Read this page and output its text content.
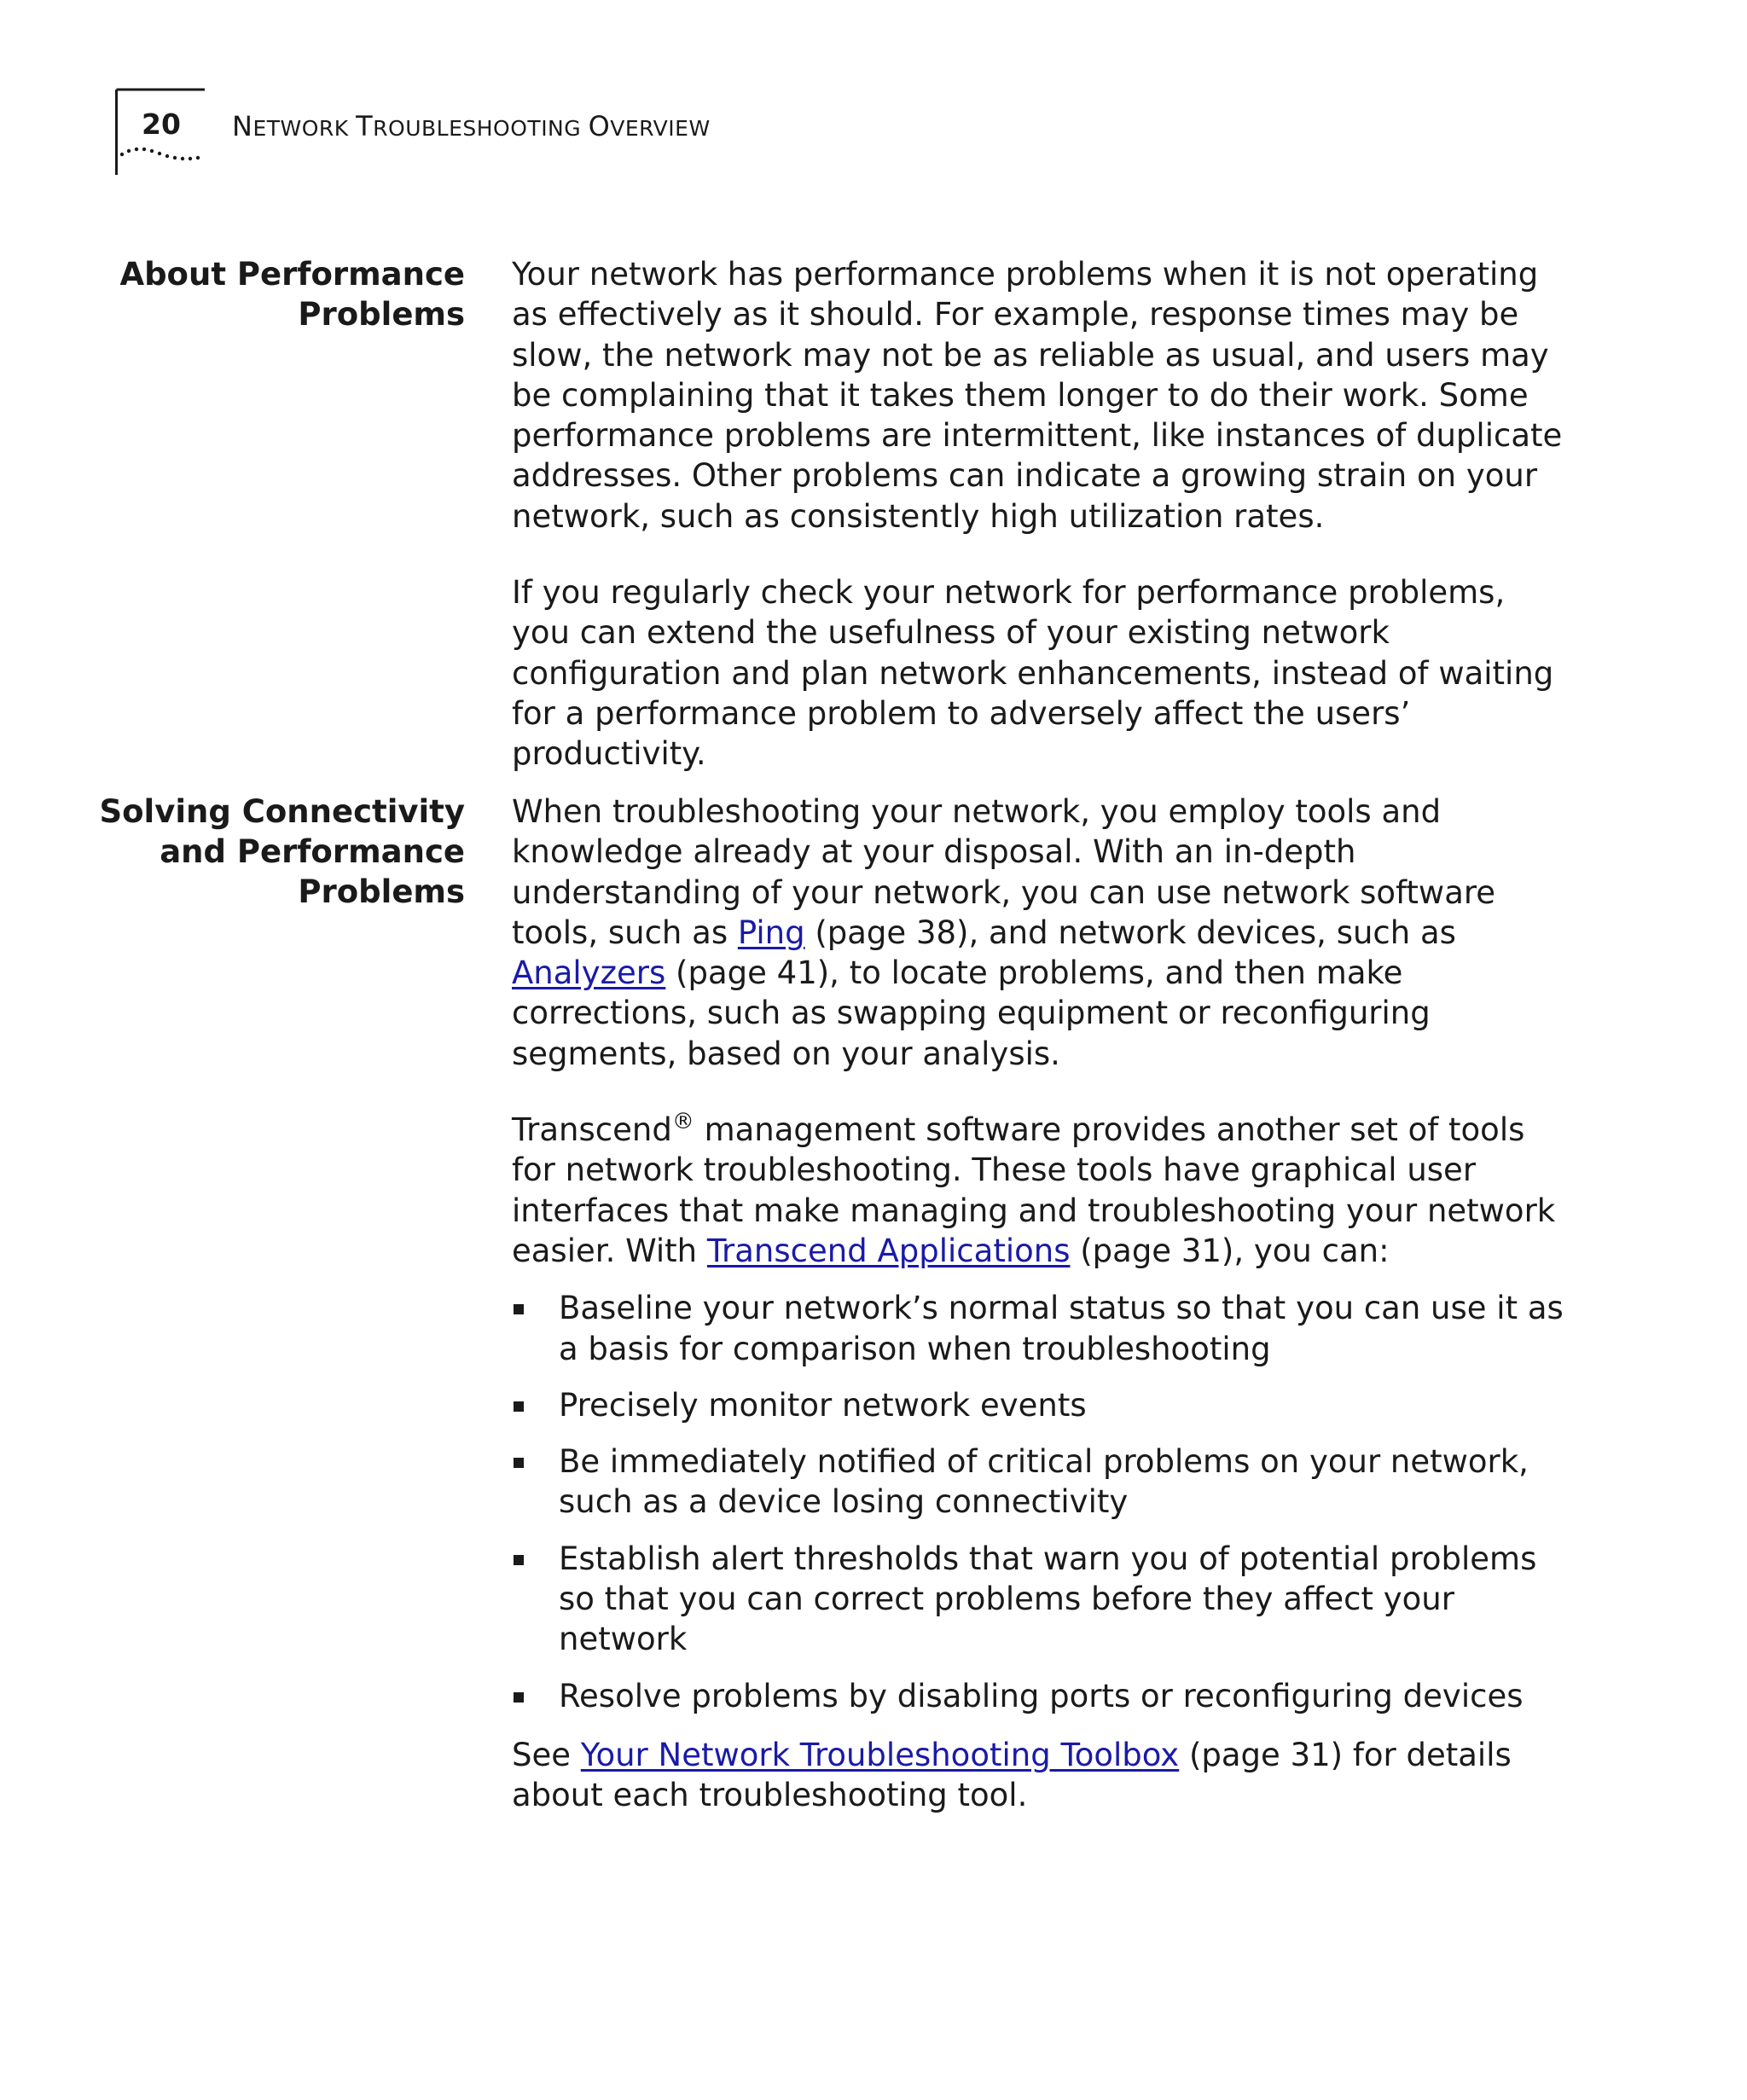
20 NETWORK TROUBLESHOOTING OVERVIEW
About Performance
Problems

Your network has performance problems when it is not operating as effectively as it should. For example, response times may be slow, the network may not be as reliable as usual, and users may be complaining that it takes them longer to do their work. Some performance problems are intermittent, like instances of duplicate addresses. Other problems can indicate a growing strain on your network, such as consistently high utilization rates.

If you regularly check your network for performance problems, you can extend the usefulness of your existing network configuration and plan network enhancements, instead of waiting for a performance problem to adversely affect the users’ productivity.

Solving Connectivity
and Performance
Problems

When troubleshooting your network, you employ tools and knowledge already at your disposal. With an in-depth understanding of your network, you can use network software tools, such as Ping (page 38), and network devices, such as Analyzers (page 41), to locate problems, and then make corrections, such as swapping equipment or reconfiguring segments, based on your analysis.

Transcend® management software provides another set of tools for network troubleshooting. These tools have graphical user interfaces that make managing and troubleshooting your network easier. With Transcend Applications (page 31), you can:

Baseline your network’s normal status so that you can use it as a basis for comparison when troubleshooting
Precisely monitor network events
Be immediately notified of critical problems on your network, such as a device losing connectivity
Establish alert thresholds that warn you of potential problems so that you can correct problems before they affect your network
Resolve problems by disabling ports or reconfiguring devices

See Your Network Troubleshooting Toolbox (page 31) for details about each troubleshooting tool.
